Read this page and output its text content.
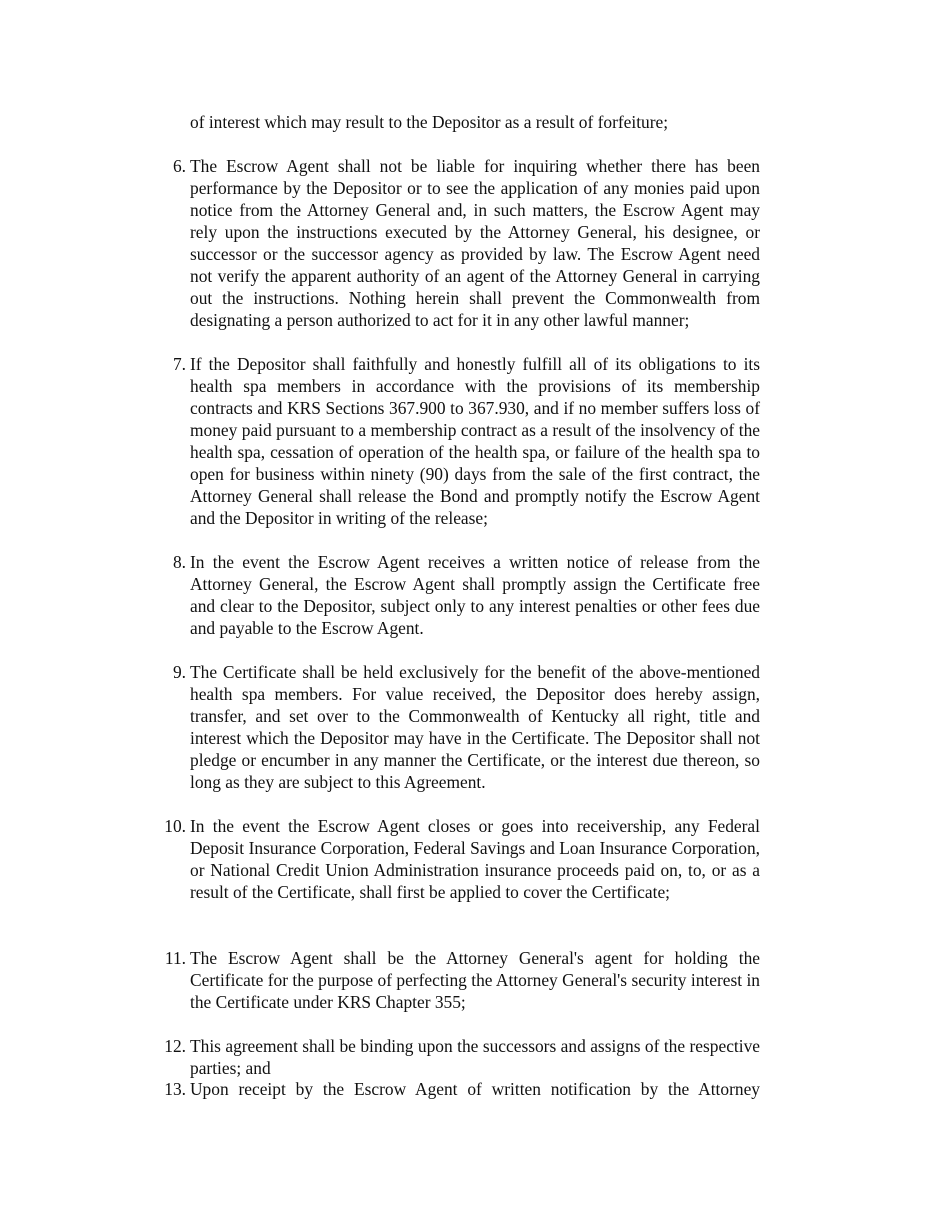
of interest which may result to the Depositor as a result of forfeiture;

6. The Escrow Agent shall not be liable for inquiring whether there has been performance by the Depositor or to see the application of any monies paid upon notice from the Attorney General and, in such matters, the Escrow Agent may rely upon the instructions executed by the Attorney General, his designee, or successor or the successor agency as provided by law. The Escrow Agent need not verify the apparent authority of an agent of the Attorney General in carrying out the instructions. Nothing herein shall prevent the Commonwealth from designating a person authorized to act for it in any other lawful manner;

7. If the Depositor shall faithfully and honestly fulfill all of its obligations to its health spa members in accordance with the provisions of its membership contracts and KRS Sections 367.900 to 367.930, and if no member suffers loss of money paid pursuant to a membership contract as a result of the insolvency of the health spa, cessation of operation of the health spa, or failure of the health spa to open for business within ninety (90) days from the sale of the first contract, the Attorney General shall release the Bond and promptly notify the Escrow Agent and the Depositor in writing of the release;

8. In the event the Escrow Agent receives a written notice of release from the Attorney General, the Escrow Agent shall promptly assign the Certificate free and clear to the Depositor, subject only to any interest penalties or other fees due and payable to the Escrow Agent.

9. The Certificate shall be held exclusively for the benefit of the above-mentioned health spa members. For value received, the Depositor does hereby assign, transfer, and set over to the Commonwealth of Kentucky all right, title and interest which the Depositor may have in the Certificate. The Depositor shall not pledge or encumber in any manner the Certificate, or the interest due thereon, so long as they are subject to this Agreement.

10. In the event the Escrow Agent closes or goes into receivership, any Federal Deposit Insurance Corporation, Federal Savings and Loan Insurance Corporation, or National Credit Union Administration insurance proceeds paid on, to, or as a result of the Certificate, shall first be applied to cover the Certificate;

11. The Escrow Agent shall be the Attorney General's agent for holding the Certificate for the purpose of perfecting the Attorney General's security interest in the Certificate under KRS Chapter 355;

12. This agreement shall be binding upon the successors and assigns of the respective parties; and

13. Upon receipt by the Escrow Agent of written notification by the Attorney
